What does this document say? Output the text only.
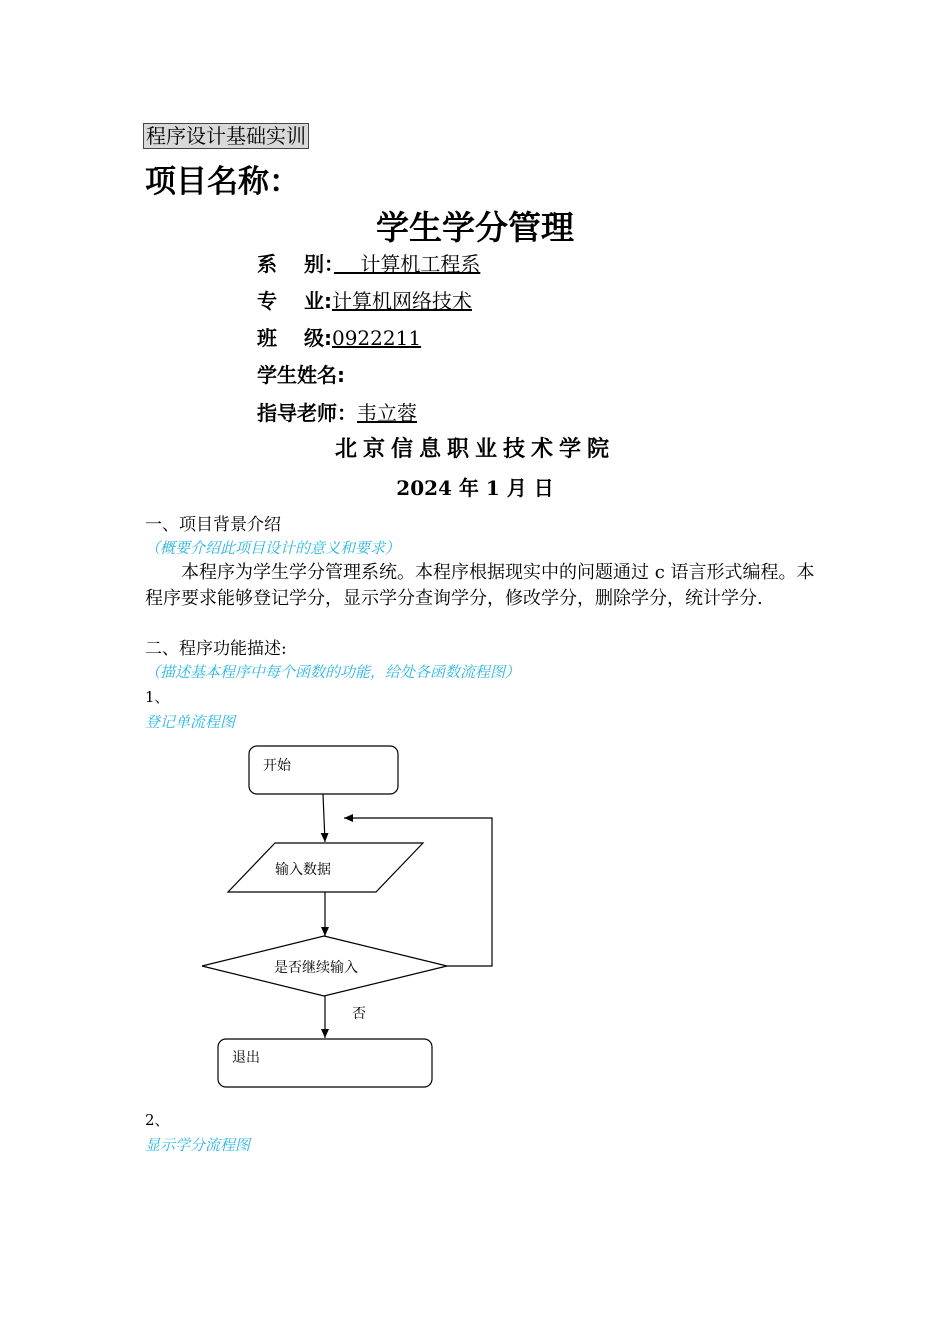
程序设计基础实训
项目名称：
学生学分管理
系　 别：　 计算机工程系
专　 业:计算机网络技术
班　 级:0922211
学生姓名:
指导老师：韦立蓉
北京信息职业技术学院
2024 年 1 月 日
一、项目背景介绍
（概要介绍此项目设计的意义和要求）
　　本程序为学生学分管理系统。本程序根据现实中的问题通过 c 语言形式编程。本程序要求能够登记学分，显示学分查询学分，修改学分，删除学分，统计学分.
二、程序功能描述:
（描述基本程序中每个函数的功能，给处各函数流程图）
1、
登记单流程图
开始
输入数据
是否继续输入
否
退出
2、
显示学分流程图
